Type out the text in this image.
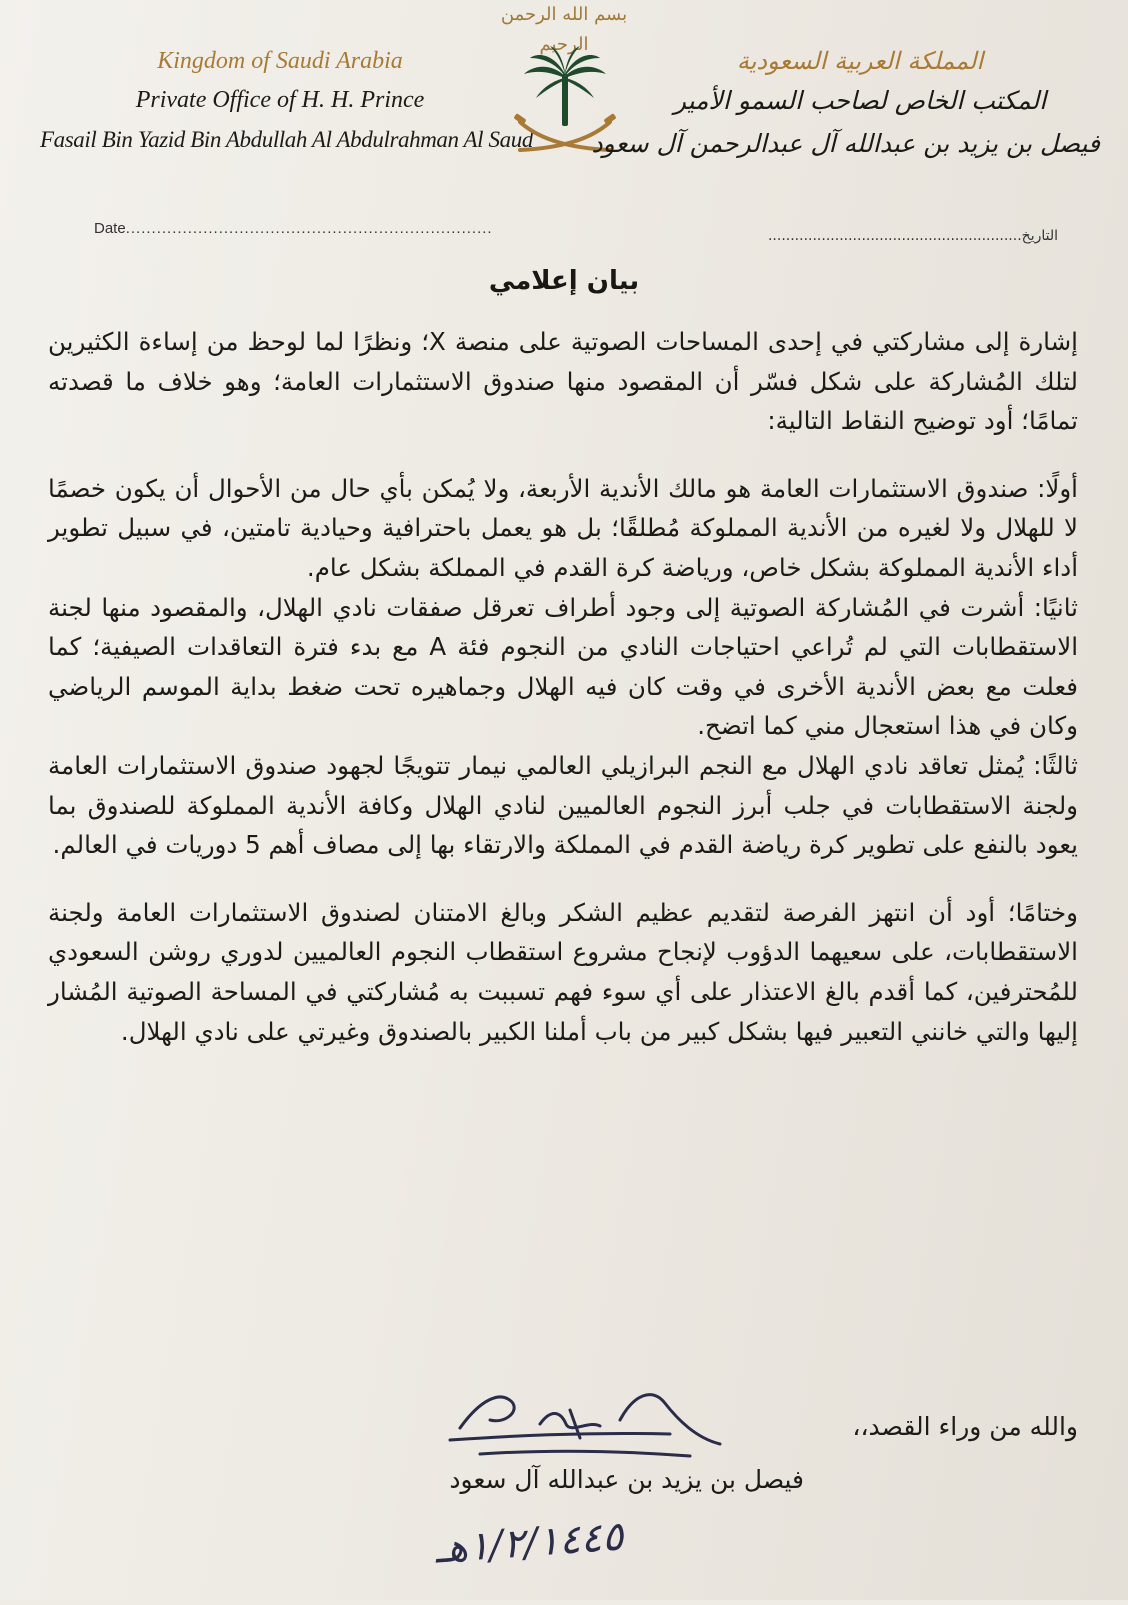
بسم الله الرحمن الرحيم
Kingdom of Saudi Arabia
Private Office of H. H. Prince
Fasail Bin Yazid Bin Abdullah Al Abdulrahman Al Saud
المملكة العربية السعودية
المكتب الخاص لصاحب السمو الأمير
فيصل بن يزيد بن عبدالله آل عبدالرحمن آل سعود
Date.......................................................................	التاريخ.........................................................
بيان إعلامي

إشارة إلى مشاركتي في إحدى المساحات الصوتية على منصة X؛ ونظرًا لما لوحظ من إساءة الكثيرين لتلك المُشاركة على شكل فسّر أن المقصود منها صندوق الاستثمارات العامة؛ وهو خلاف ما قصدته تمامًا؛ أود توضيح النقاط التالية:

أولًا: صندوق الاستثمارات العامة هو مالك الأندية الأربعة، ولا يُمكن بأي حال من الأحوال أن يكون خصمًا لا للهلال ولا لغيره من الأندية المملوكة مُطلقًا؛ بل هو يعمل باحترافية وحيادية تامتين، في سبيل تطوير أداء الأندية المملوكة بشكل خاص، ورياضة كرة القدم في المملكة بشكل عام.

ثانيًا: أشرت في المُشاركة الصوتية إلى وجود أطراف تعرقل صفقات نادي الهلال، والمقصود منها لجنة الاستقطابات التي لم تُراعي احتياجات النادي من النجوم فئة A مع بدء فترة التعاقدات الصيفية؛ كما فعلت مع بعض الأندية الأخرى في وقت كان فيه الهلال وجماهيره تحت ضغط بداية الموسم الرياضي وكان في هذا استعجال مني كما اتضح.

ثالثًا: يُمثل تعاقد نادي الهلال مع النجم البرازيلي العالمي نيمار تتويجًا لجهود صندوق الاستثمارات العامة ولجنة الاستقطابات في جلب أبرز النجوم العالميين لنادي الهلال وكافة الأندية المملوكة للصندوق بما يعود بالنفع على تطوير كرة رياضة القدم في المملكة والارتقاء بها إلى مصاف أهم 5 دوريات في العالم.

وختامًا؛ أود أن انتهز الفرصة لتقديم عظيم الشكر وبالغ الامتنان لصندوق الاستثمارات العامة ولجنة الاستقطابات، على سعيهما الدؤوب لإنجاح مشروع استقطاب النجوم العالميين لدوري روشن السعودي للمُحترفين، كما أقدم بالغ الاعتذار على أي سوء فهم تسببت به مُشاركتي في المساحة الصوتية المُشار إليها والتي خانني التعبير فيها بشكل كبير من باب أملنا الكبير بالصندوق وغيرتي على نادي الهلال.

والله من وراء القصد،،
فيصل بن يزيد بن عبدالله آل سعود
١/٢/١٤٤٥هـ
